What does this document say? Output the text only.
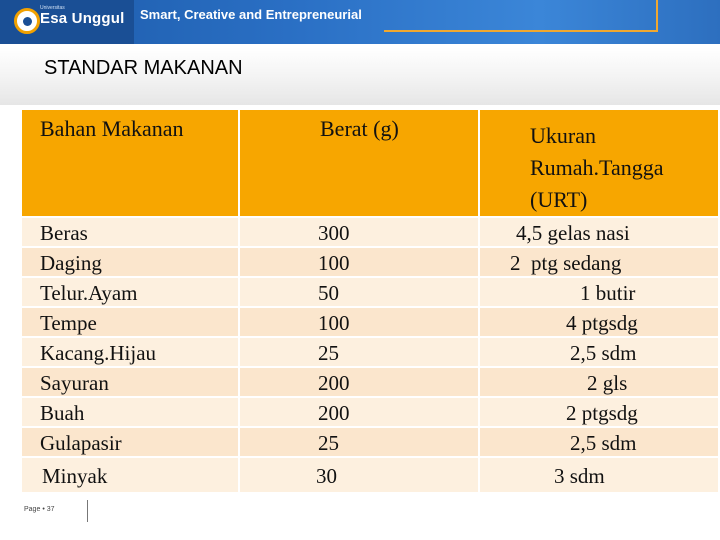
Universitas
Esa Unggul Smart, Creative and Entrepreneurial
STANDAR MAKANAN
Bahan Makanan	Berat (g)	Ukuran
Rumah.Tangga
(URT)
Beras	300	4,5 gelas nasi
Daging	100	2  ptg sedang
Telur.Ayam	50	1 butir
Tempe	100	4 ptgsdg
Kacang.Hijau	25	2,5 sdm
Sayuran	200	2 gls
Buah	200	2 ptgsdg
Gulapasir	25	2,5 sdm
Minyak	30	3 sdm
Page • 37
